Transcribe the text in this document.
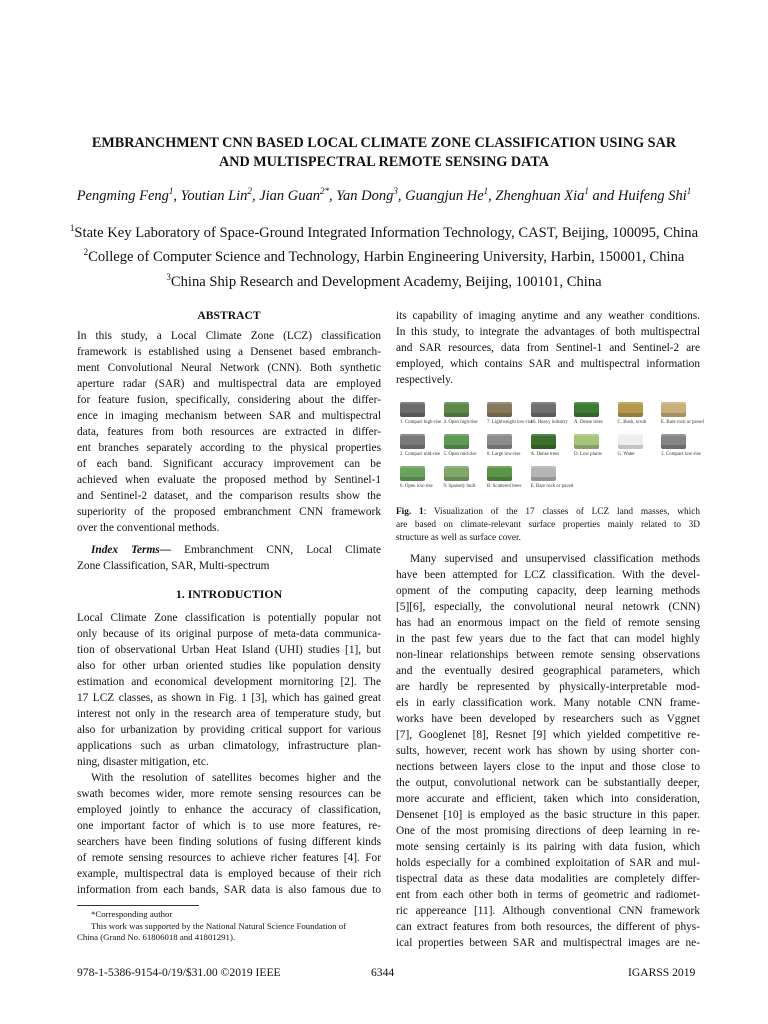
EMBRANCHMENT CNN BASED LOCAL CLIMATE ZONE CLASSIFICATION USING SAR
AND MULTISPECTRAL REMOTE SENSING DATA
Pengming Feng$^1$, Youtian Lin$^2$, Jian Guan$^{2*}$, Yan Dong$^3$, Guangjun He$^1$, Zhenghuan Xia$^1$ and Huifeng Shi$^1$
$^1$State Key Laboratory of Space-Ground Integrated Information Technology, CAST, Beijing, 100095, China
$^2$College of Computer Science and Technology, Harbin Engineering University, Harbin, 150001, China
$^3$China Ship Research and Development Academy, Beijing, 100101, China
ABSTRACT
In this study, a Local Climate Zone (LCZ) classification
framework is established using a Densenet based embranch-
ment Convolutional Neural Network (CNN). Both synthetic
aperture radar (SAR) and multispectral data are employed
for feature fusion, specifically, considering about the differ-
ence in imaging mechanism between SAR and multispectral
data, features from both resources are extracted in differ-
ent branches separately according to the physical properties
of each band. Significant accuracy improvement can be
achieved when evaluate the proposed method by Sentinel-1
and Sentinel-2 dataset, and the comparison results show the
superiority of the proposed embranchment CNN framework
over the conventional methods.
Index Terms— Embranchment CNN, Local Climate
Zone Classification, SAR, Multi-spectrum
1. INTRODUCTION
Local Climate Zone classification is potentially popular not
only because of its original purpose of meta-data communica-
tion of observational Urban Heat Island (UHI) studies [1], but
also for other urban oriented studies like population density
estimation and economical development mornitoring [2]. The
17 LCZ classes, as shown in Fig. 1 [3], which has gained great
interest not only in the research area of temperature study, but
also for urbanization by providing critical support for various
applications such as urban climatology, infrastructure plan-
ning, disaster mitigation, etc.
With the resolution of satellites becomes higher and the
swath becomes wider, more remote sensing resources can be
employed jointly to enhance the accuracy of classification,
one important factor of which is to use more features, re-
searchers have been finding solutions of fusing different kinds
of remote sensing resources to achieve richer features [4]. For
example, multispectral data is employed because of their rich
information from each bands, SAR data is also famous due to
*Corresponding author
This work was supported by the National Natural Science Foundation of
China (Grand No. 61806018 and 41801291).
its capability of imaging anytime and any weather conditions.
In this study, to integrate the advantages of both multispectral
and SAR resources, data from Sentinel-1 and Sentinel-2 are
employed, which contains SAR and multispectral information
respectively.
1. Compact high-rise 4. Open high-rise 7. Lightweight low-rise
10. Heavy industry A. Dense trees	C. Bush, scrub	E. Bare rock or paved
2. Compact mid-rise 5. Open mid-rise 8. Large low-rise A. Dense trees	D. Low plants	G. Water	3. Compact low-rise
6. Open low-rise 9. Sparsely built B. Scattered trees E. Bare rock or paved
Fig. 1: Visualization of the 17 classes of LCZ land masses, which
are based on climate-relevant surface properties mainly related to 3D
structure as well as surface cover.
Many supervised and unsupervised classification methods
have been attempted for LCZ classification. With the devel-
opment of the computing capacity, deep learning methods
[5][6], especially, the convolutional neural netowrk (CNN)
has had an enormous impact on the field of remote sensing
in the past few years due to the fact that can model highly
non-linear relationships between remote sensing observations
and the eventually desired geographical parameters, which
are hardly be represented by physically-interpretable mod-
els in early classification work. Many notable CNN frame-
works have been developed by researchers such as Vggnet
[7], Googlenet [8], Resnet [9] which yielded competitive re-
sults, however, recent work has shown by using shorter con-
nections between layers close to the input and those close to
the output, convolutional network can be substantially deeper,
more accurate and efficient, taken which into consideration,
Densenet [10] is employed as the basic structure in this paper.
One of the most promising directions of deep learning in re-
mote sensing certainly is its pairing with data fusion, which
holds especially for a combined exploitation of SAR and mul-
tispectral data as these data modalities are completely differ-
ent from each other both in terms of geometric and radiomet-
ric appereance [11]. Although conventional CNN framework
can extract features from both resources, the different of phys-
ical properties between SAR and multispectral images are ne-
978-1-5386-9154-0/19/$31.00 ©2019 IEEE	6344	IGARSS 2019
